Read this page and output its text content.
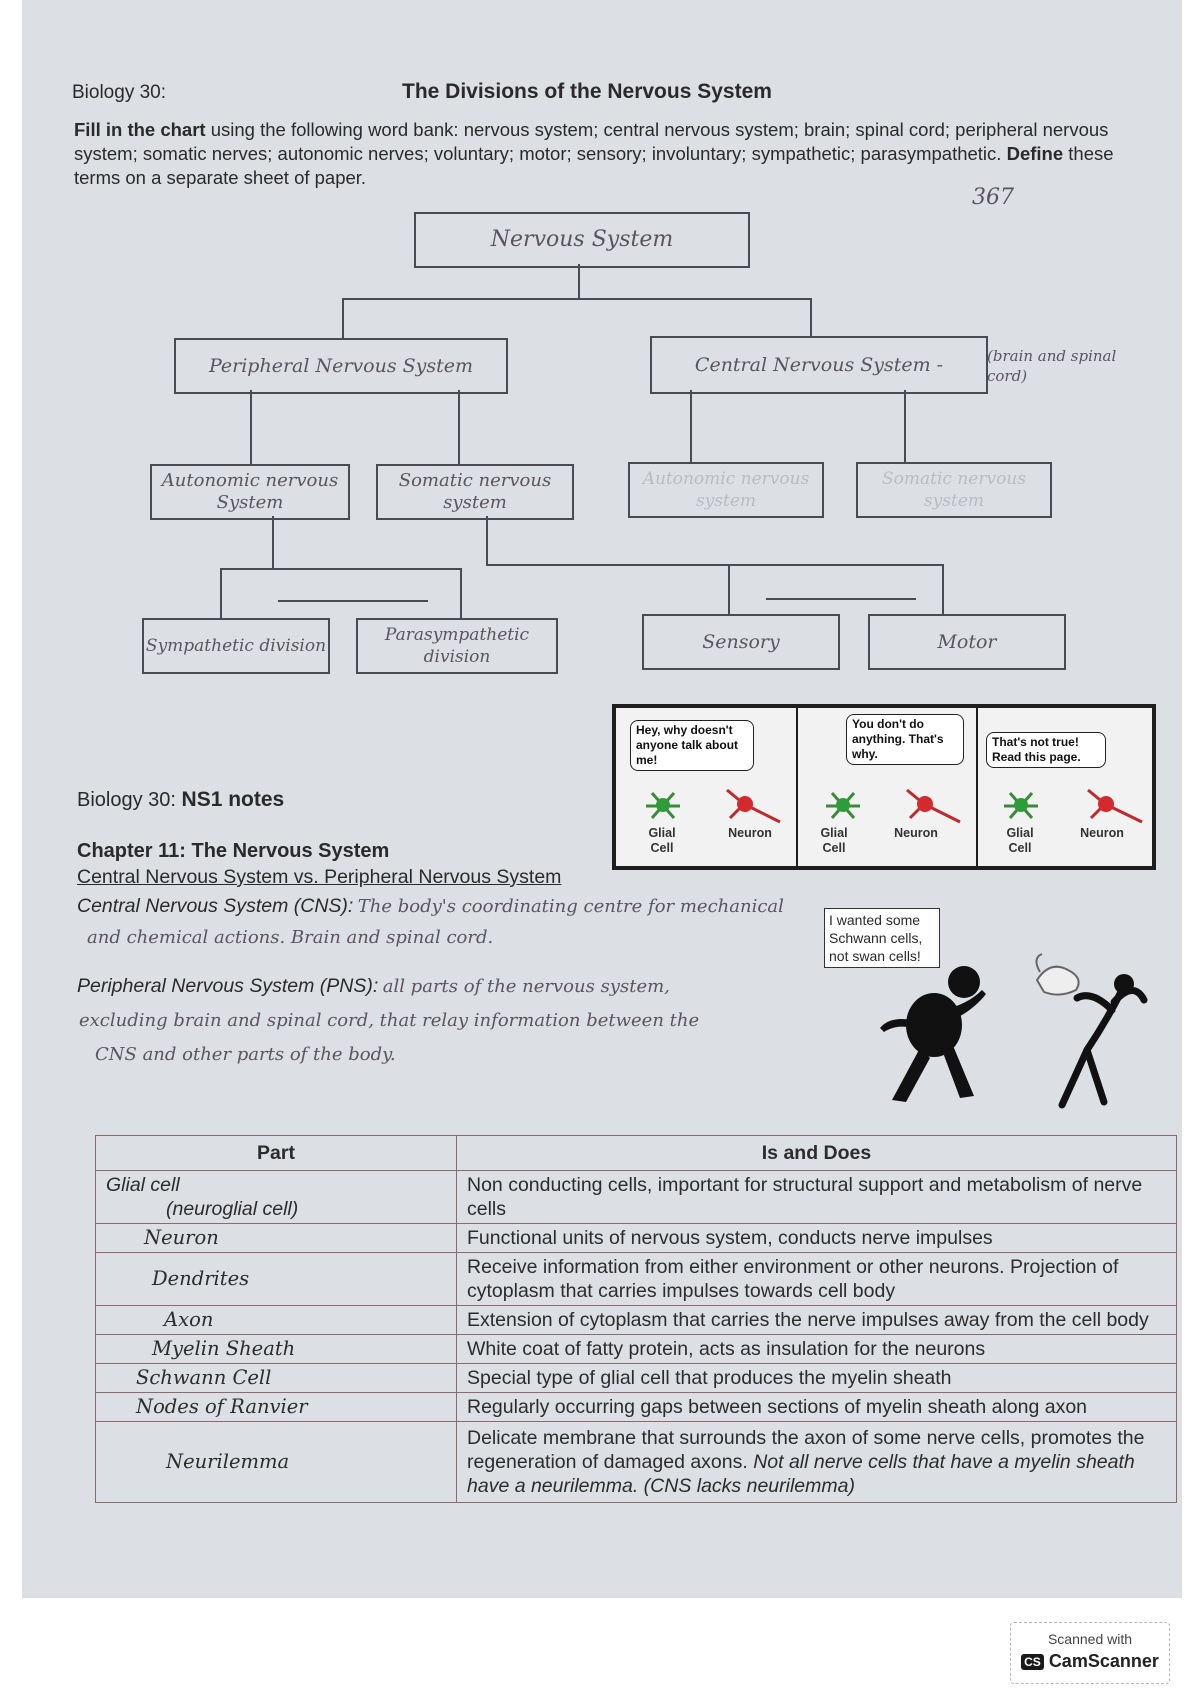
Biology 30:	The Divisions of the Nervous System
Fill in the chart using the following word bank: nervous system; central nervous system; brain; spinal cord; peripheral nervous system; somatic nerves; autonomic nerves; voluntary; motor; sensory; involuntary; sympathetic; parasympathetic. Define these terms on a separate sheet of paper.
367
Nervous System
Peripheral Nervous System	Central Nervous System -	(brain and spinal cord)
Autonomic nervous System
Somatic nervous system
Autonomic nervous system
Somatic nervous system
Sympathetic division
Parasympathetic division
Sensory	Motor
Hey, why doesn't anyone talk about me!
Glial Cell
Neuron
You don't do anything. That's why.
Glial Cell
Neuron
That's not true! Read this page.
Glial Cell
Neuron
Biology 30: NS1 notes
Chapter 11: The Nervous System
Central Nervous System vs. Peripheral Nervous System
Central Nervous System (CNS): The body's coordinating centre for mechanical
and chemical actions. Brain and spinal cord.
Peripheral Nervous System (PNS): all parts of the nervous system,
excluding brain and spinal cord, that relay information between the
CNS and other parts of the body.
I wanted some Schwann cells, not swan cells!
Part	Is and Does

Glial cell
(neuroglial cell)	Non conducting cells, important for structural support and metabolism of nerve cells
Neuron	Functional units of nervous system, conducts nerve impulses
Dendrites	Receive information from either environment or other neurons. Projection of cytoplasm that carries impulses towards cell body
Axon	Extension of cytoplasm that carries the nerve impulses away from the cell body
Myelin Sheath	White coat of fatty protein, acts as insulation for the neurons
Schwann Cell	Special type of glial cell that produces the myelin sheath
Nodes of Ranvier	Regularly occurring gaps between sections of myelin sheath along axon
Neurilemma	Delicate membrane that surrounds the axon of some nerve cells, promotes the regeneration of damaged axons. Not all nerve cells that have a myelin sheath have a neurilemma. (CNS lacks neurilemma)
Scanned with
CS CamScanner
